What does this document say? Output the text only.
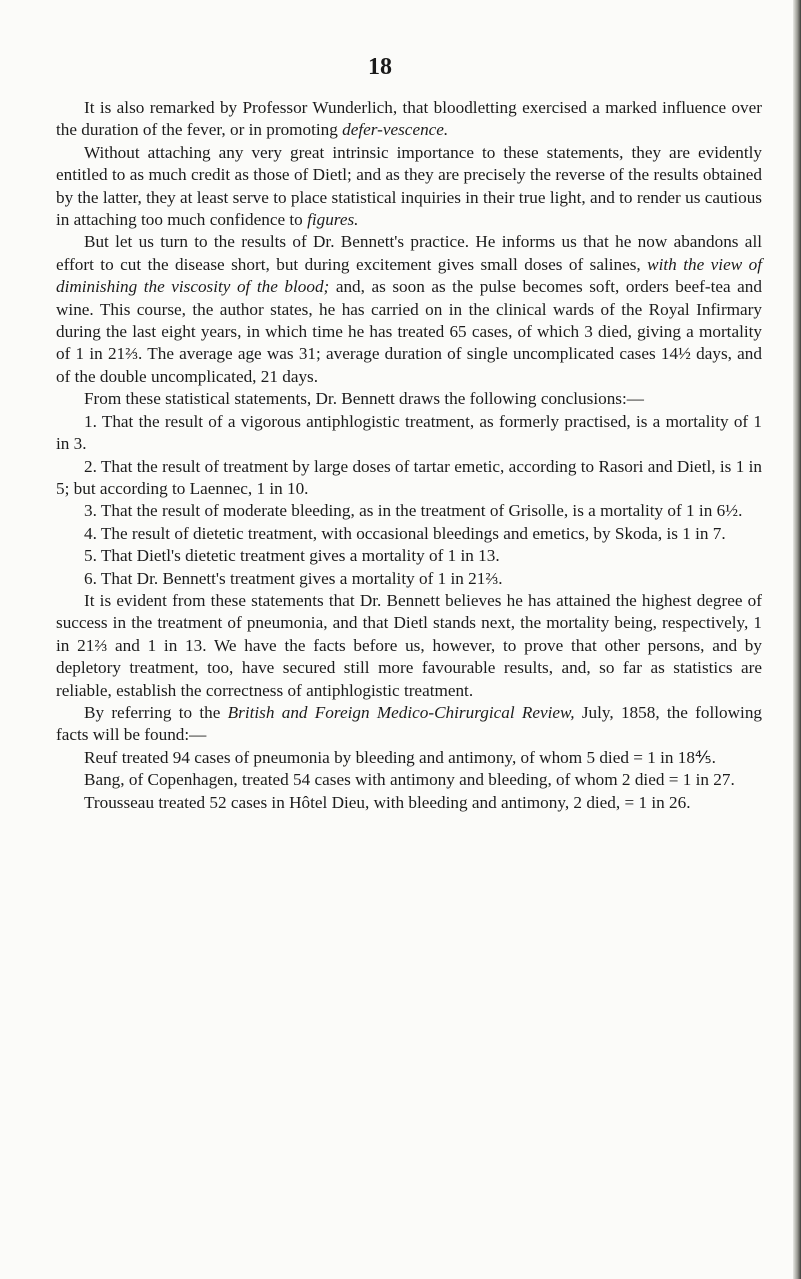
18

It is also remarked by Professor Wunderlich, that bloodletting exercised a marked influence over the duration of the fever, or in promoting defer-vescence.

Without attaching any very great intrinsic importance to these statements, they are evidently entitled to as much credit as those of Dietl; and as they are precisely the reverse of the results obtained by the latter, they at least serve to place statistical inquiries in their true light, and to render us cautious in attaching too much confidence to figures.

But let us turn to the results of Dr. Bennett's practice. He informs us that he now abandons all effort to cut the disease short, but during excitement gives small doses of salines, with the view of diminishing the viscosity of the blood; and, as soon as the pulse becomes soft, orders beef-tea and wine. This course, the author states, he has carried on in the clinical wards of the Royal Infirmary during the last eight years, in which time he has treated 65 cases, of which 3 died, giving a mortality of 1 in 21⅔. The average age was 31; average duration of single uncomplicated cases 14½ days, and of the double uncomplicated, 21 days.

From these statistical statements, Dr. Bennett draws the following conclusions:—

1. That the result of a vigorous antiphlogistic treatment, as formerly practised, is a mortality of 1 in 3.

2. That the result of treatment by large doses of tartar emetic, according to Rasori and Dietl, is 1 in 5; but according to Laennec, 1 in 10.

3. That the result of moderate bleeding, as in the treatment of Grisolle, is a mortality of 1 in 6½.

4. The result of dietetic treatment, with occasional bleedings and emetics, by Skoda, is 1 in 7.

5. That Dietl's dietetic treatment gives a mortality of 1 in 13.

6. That Dr. Bennett's treatment gives a mortality of 1 in 21⅔.

It is evident from these statements that Dr. Bennett believes he has attained the highest degree of success in the treatment of pneumonia, and that Dietl stands next, the mortality being, respectively, 1 in 21⅔ and 1 in 13. We have the facts before us, however, to prove that other persons, and by depletory treatment, too, have secured still more favourable results, and, so far as statistics are reliable, establish the correctness of antiphlogistic treatment.

By referring to the British and Foreign Medico-Chirurgical Review, July, 1858, the following facts will be found:—

Reuf treated 94 cases of pneumonia by bleeding and antimony, of whom 5 died = 1 in 18⅘.

Bang, of Copenhagen, treated 54 cases with antimony and bleeding, of whom 2 died = 1 in 27.

Trousseau treated 52 cases in Hôtel Dieu, with bleeding and antimony, 2 died, = 1 in 26.
